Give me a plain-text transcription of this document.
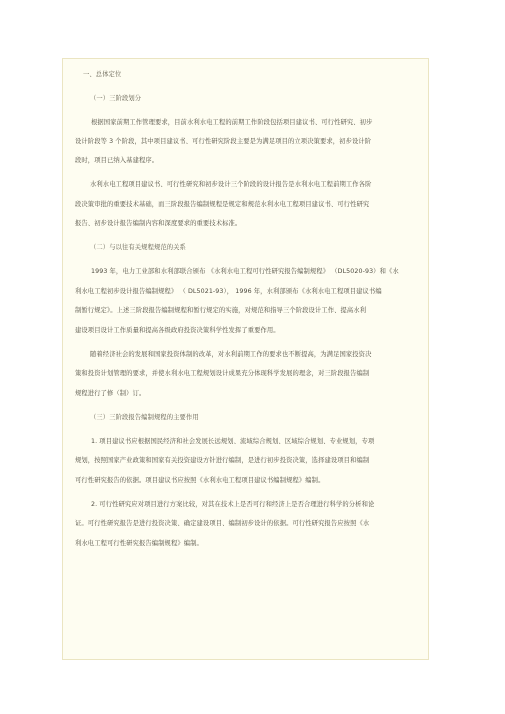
一、总体定位
（一）三阶段划分
根据国家前期工作管理要求，目前水利水电工程的前期工作阶段包括项目建议书、可行性研究、初步
设计阶段等 3 个阶段，其中项目建议书、可行性研究阶段主要是为满足项目的立项决策要求，初步设计阶
段时，项目已纳入基建程序。
水利水电工程项目建议书、可行性研究和初步设计三个阶段的设计报告是水利水电工程前期工作各阶
段决策审批的重要技术基础，而三阶段报告编制规程是规定和规范水利水电工程项目建议书、可行性研究
报告、初步设计报告编制内容和深度要求的重要技术标准。
（二）与以往有关规程规范的关系
1993 年，电力工业部和水利部联合颁布 《水利水电工程可行性研究报告编制规程》 （DL5020-93）和《水
利水电工程初步设计报告编制规程》 （ DL5021-93）， 1996 年，水利部颁布《水利水电工程项目建议书编
制暂行规定》。上述三阶段报告编制规程和暂行规定的实施，对规范和指导三个阶段设计工作、提高水利
建设项目设计工作质量和提高各级政府投资决策科学性发挥了重要作用。
随着经济社会的发展和国家投资体制的改革，对水利前期工作的要求也不断提高，为满足国家投资决
策和投资计划管理的要求，并使水利水电工程规划设计成果充分体现科学发展的理念，对三阶段报告编制
规程进行了修（制）订。
（三）三阶段报告编制规程的主要作用
1. 项目建议书应根据国民经济和社会发展长远规划、流域综合规划、区域综合规划、专业规划，专项
规划，按照国家产业政策和国家有关投资建设方针进行编制，是进行初步投资决策，选择建设项目和编制
可行性研究报告的依据。项目建议书应按照《水利水电工程项目建议书编制规程》编制。
2. 可行性研究应对项目进行方案比较，对其在技术上是否可行和经济上是否合理进行科学的分析和论
证。可行性研究报告是进行投资决策、确定建设项目、编制初步设计的依据。可行性研究报告应按照《水
利水电工程可行性研究报告编制规程》编制。
